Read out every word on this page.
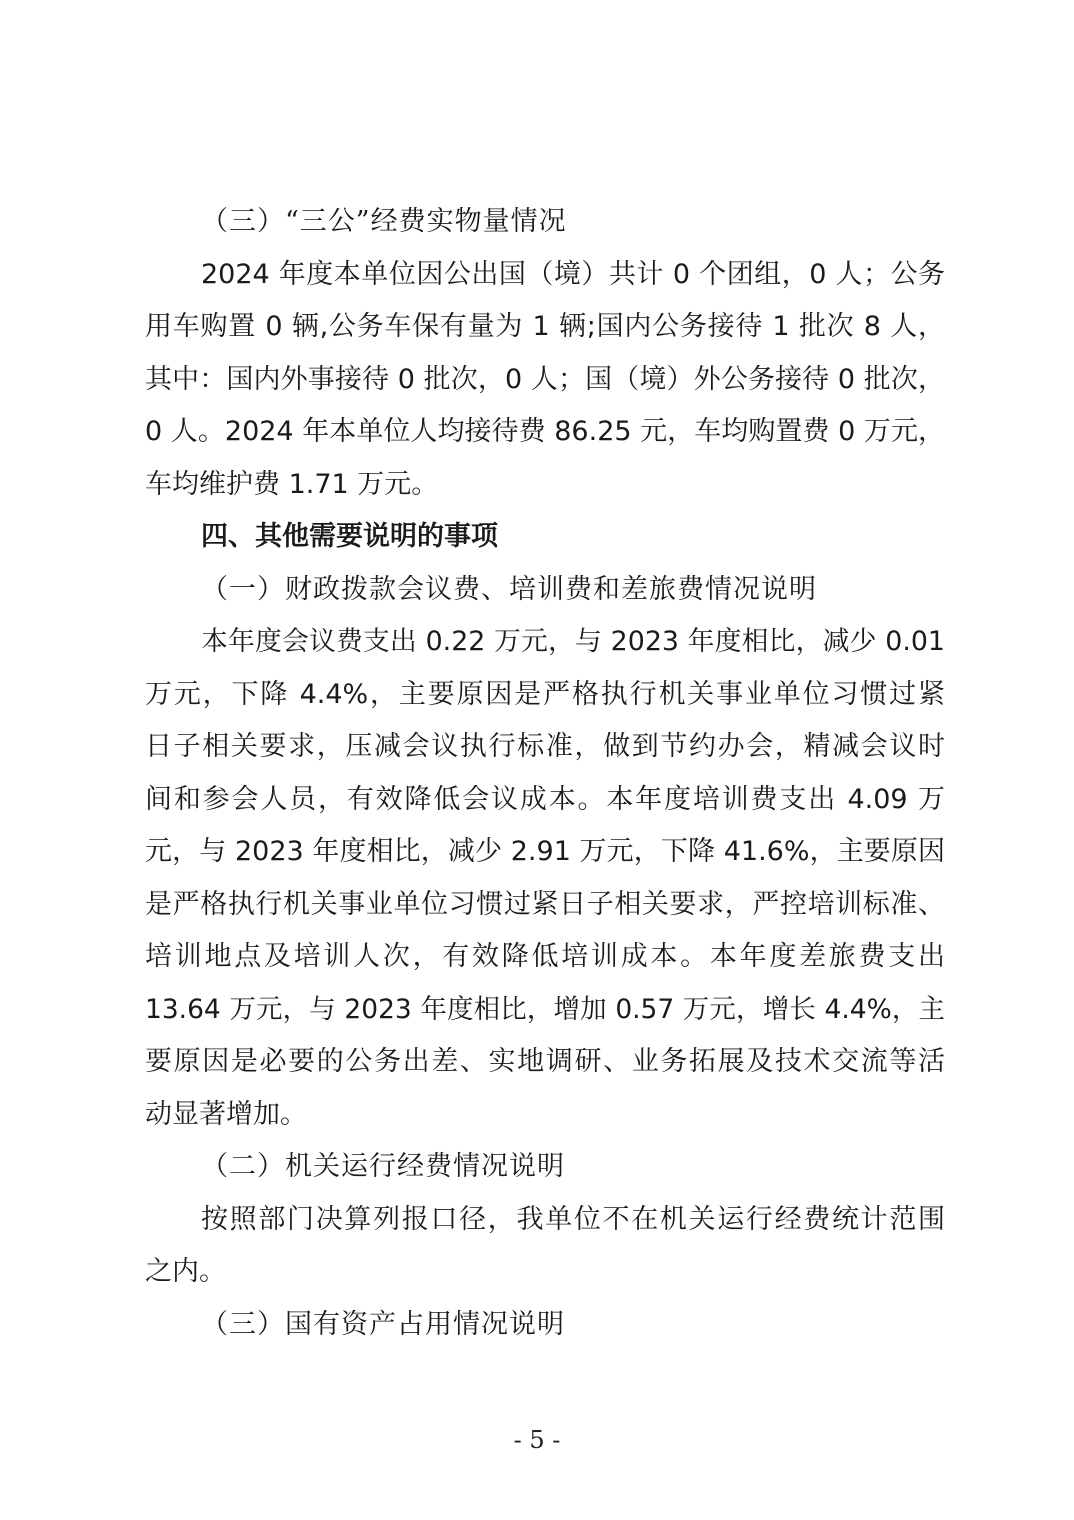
（三）“三公”经费实物量情况
2024 年度本单位因公出国（境）共计 0 个团组，0 人；公务
用车购置 0 辆,公务车保有量为 1 辆;国内公务接待 1 批次 8 人，
其中：国内外事接待 0 批次，0 人；国（境）外公务接待 0 批次，
0 人。2024 年本单位人均接待费 86.25 元，车均购置费 0 万元，
车均维护费 1.71 万元。
四、其他需要说明的事项
（一）财政拨款会议费、培训费和差旅费情况说明
本年度会议费支出 0.22 万元，与 2023 年度相比，减少 0.01
万元，下降 4.4%，主要原因是严格执行机关事业单位习惯过紧
日子相关要求，压减会议执行标准，做到节约办会，精减会议时
间和参会人员，有效降低会议成本。本年度培训费支出 4.09 万
元，与 2023 年度相比，减少 2.91 万元，下降 41.6%，主要原因
是严格执行机关事业单位习惯过紧日子相关要求，严控培训标准、
培训地点及培训人次，有效降低培训成本。本年度差旅费支出
13.64 万元，与 2023 年度相比，增加 0.57 万元，增长 4.4%，主
要原因是必要的公务出差、实地调研、业务拓展及技术交流等活
动显著增加。
（二）机关运行经费情况说明
按照部门决算列报口径，我单位不在机关运行经费统计范围
之内。
（三）国有资产占用情况说明
- 5 -
